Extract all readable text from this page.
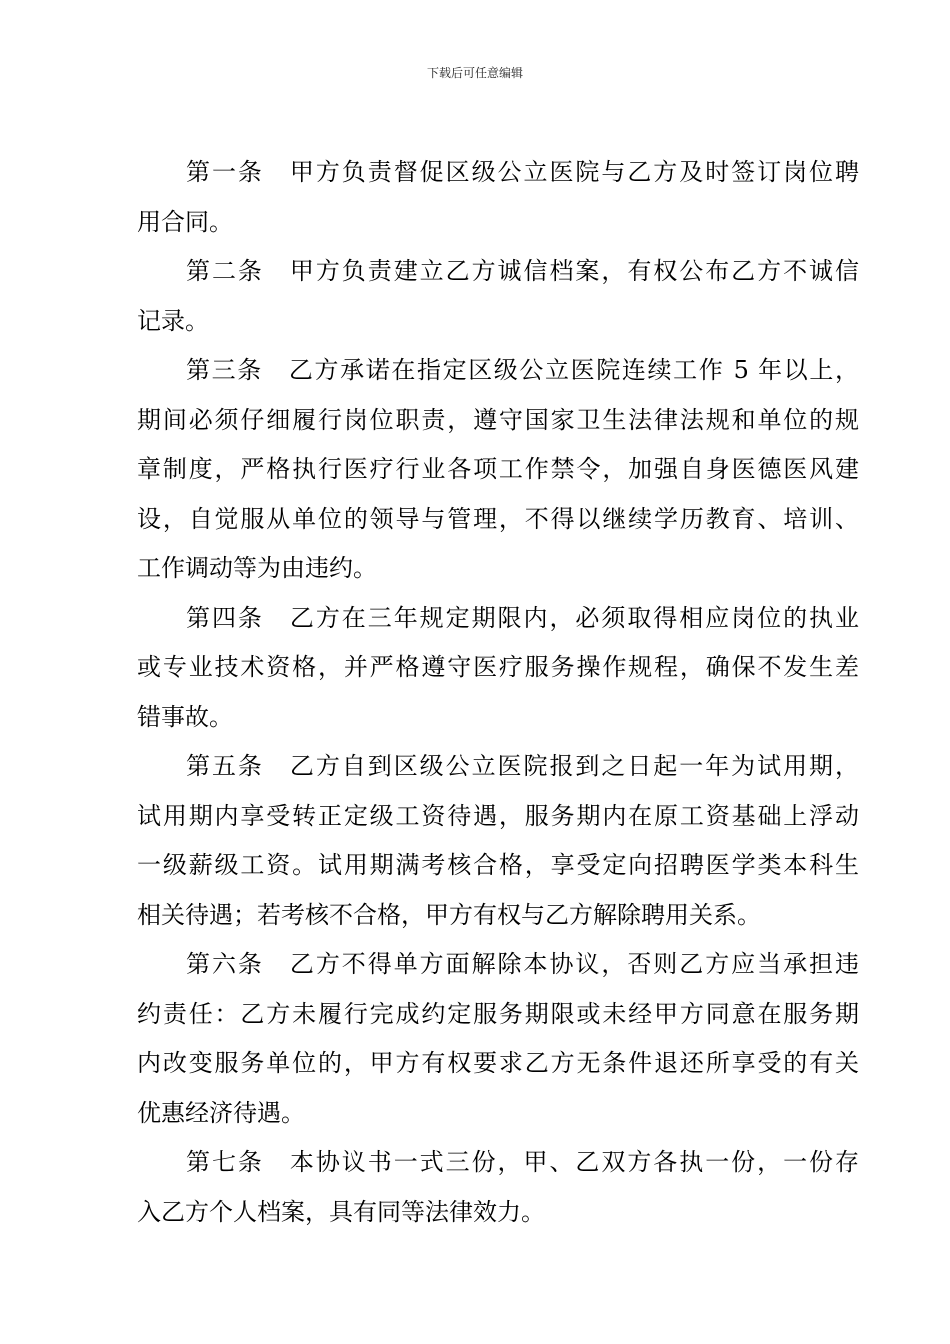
下载后可任意编辑
第一条 甲方负责督促区级公立医院与乙方及时签订岗位聘
用合同。
第二条 甲方负责建立乙方诚信档案，有权公布乙方不诚信
记录。
第三条 乙方承诺在指定区级公立医院连续工作 5 年以上，
期间必须仔细履行岗位职责，遵守国家卫生法律法规和单位的规
章制度，严格执行医疗行业各项工作禁令，加强自身医德医风建
设，自觉服从单位的领导与管理，不得以继续学历教育、培训、
工作调动等为由违约。
第四条 乙方在三年规定期限内，必须取得相应岗位的执业
或专业技术资格，并严格遵守医疗服务操作规程，确保不发生差
错事故。
第五条 乙方自到区级公立医院报到之日起一年为试用期，
试用期内享受转正定级工资待遇，服务期内在原工资基础上浮动
一级薪级工资。试用期满考核合格，享受定向招聘医学类本科生
相关待遇；若考核不合格，甲方有权与乙方解除聘用关系。
第六条 乙方不得单方面解除本协议，否则乙方应当承担违
约责任：乙方未履行完成约定服务期限或未经甲方同意在服务期
内改变服务单位的，甲方有权要求乙方无条件退还所享受的有关
优惠经济待遇。
第七条 本协议书一式三份，甲、乙双方各执一份，一份存
入乙方个人档案，具有同等法律效力。
